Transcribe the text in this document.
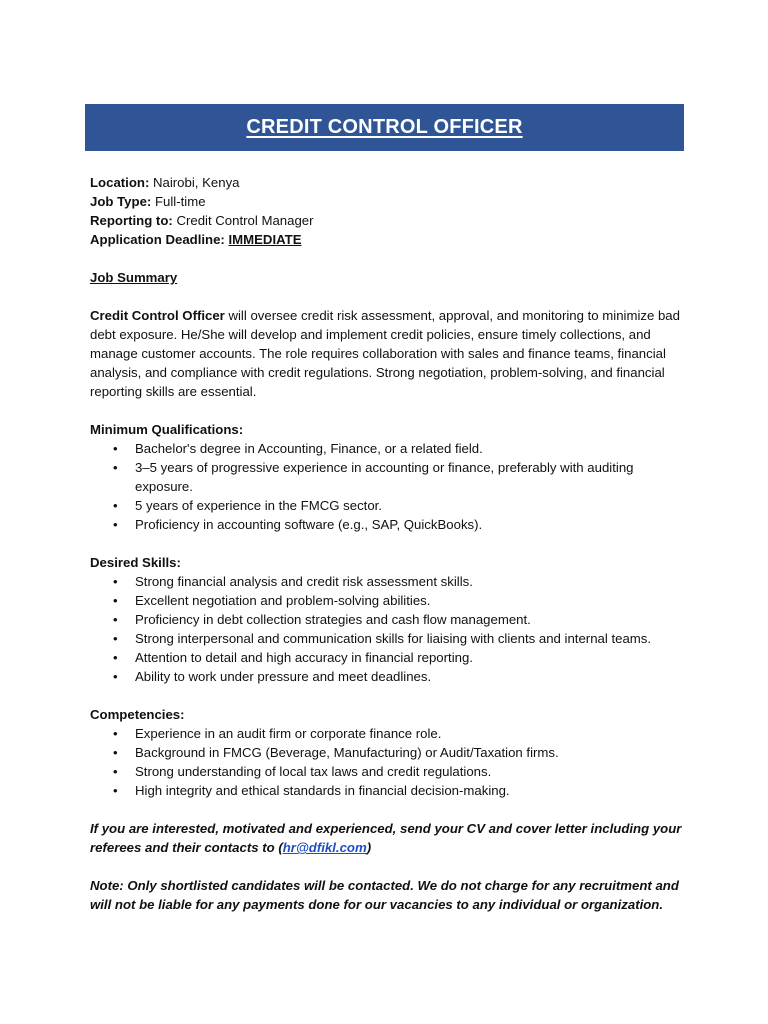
CREDIT CONTROL OFFICER

Location: Nairobi, Kenya

Job Type: Full-time

Reporting to: Credit Control Manager

Application Deadline: IMMEDIATE

Job Summary

Credit Control Officer will oversee credit risk assessment, approval, and monitoring to minimize bad debt exposure. He/She will develop and implement credit policies, ensure timely collections, and manage customer accounts. The role requires collaboration with sales and finance teams, financial analysis, and compliance with credit regulations. Strong negotiation, problem-solving, and financial reporting skills are essential.

Minimum Qualifications:

• Bachelor's degree in Accounting, Finance, or a related field.
• 3–5 years of progressive experience in accounting or finance, preferably with auditing exposure.
• 5 years of experience in the FMCG sector.
• Proficiency in accounting software (e.g., SAP, QuickBooks).

Desired Skills:

• Strong financial analysis and credit risk assessment skills.
• Excellent negotiation and problem-solving abilities.
• Proficiency in debt collection strategies and cash flow management.
• Strong interpersonal and communication skills for liaising with clients and internal teams.
• Attention to detail and high accuracy in financial reporting.
• Ability to work under pressure and meet deadlines.

Competencies:

• Experience in an audit firm or corporate finance role.
• Background in FMCG (Beverage, Manufacturing) or Audit/Taxation firms.
• Strong understanding of local tax laws and credit regulations.
• High integrity and ethical standards in financial decision-making.

If you are interested, motivated and experienced, send your CV and cover letter including your referees and their contacts to (hr@dfikl.com)

Note: Only shortlisted candidates will be contacted. We do not charge for any recruitment and will not be liable for any payments done for our vacancies to any individual or organization.
